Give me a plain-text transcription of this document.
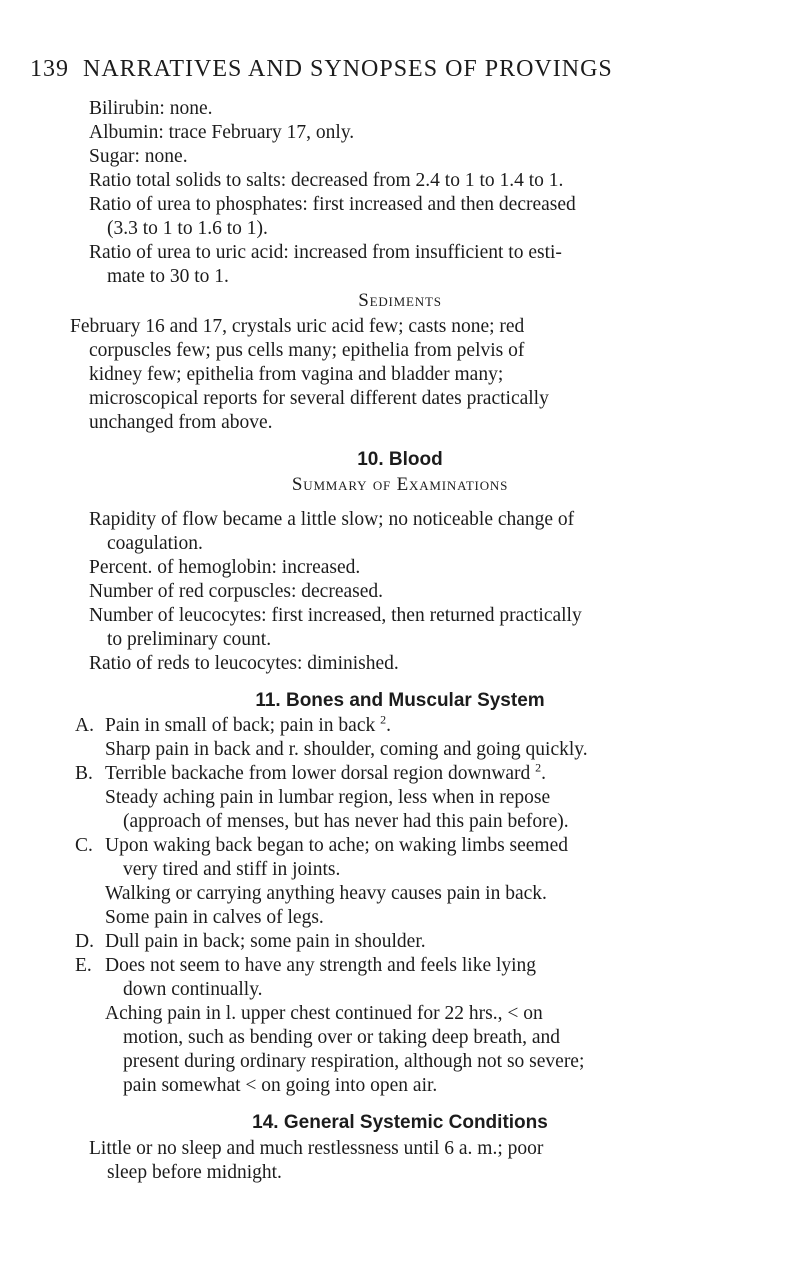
139 NARRATIVES AND SYNOPSES OF PROVINGS
Bilirubin: none.
Albumin: trace February 17, only.
Sugar: none.
Ratio total solids to salts: decreased from 2.4 to 1 to 1.4 to 1.
Ratio of urea to phosphates: first increased and then decreased
(3.3 to 1 to 1.6 to 1).
Ratio of urea to uric acid: increased from insufficient to esti-
mate to 30 to 1.
Sediments
February 16 and 17, crystals uric acid few; casts none; red
corpuscles few; pus cells many; epithelia from pelvis of
kidney few; epithelia from vagina and bladder many;
microscopical reports for several different dates practically
unchanged from above.
10. Blood
Summary of Examinations
Rapidity of flow became a little slow; no noticeable change of
coagulation.
Percent. of hemoglobin: increased.
Number of red corpuscles: decreased.
Number of leucocytes: first increased, then returned practically
to preliminary count.
Ratio of reds to leucocytes: diminished.
11. Bones and Muscular System
A. Pain in small of back; pain in back $^2$.
Sharp pain in back and r. shoulder, coming and going quickly.
B. Terrible backache from lower dorsal region downward $^2$.
Steady aching pain in lumbar region, less when in repose
(approach of menses, but has never had this pain before).
C. Upon waking back began to ache; on waking limbs seemed
very tired and stiff in joints.
Walking or carrying anything heavy causes pain in back.
Some pain in calves of legs.
D. Dull pain in back; some pain in shoulder.
E. Does not seem to have any strength and feels like lying
down continually.
Aching pain in l. upper chest continued for 22 hrs., < on
motion, such as bending over or taking deep breath, and
present during ordinary respiration, although not so severe;
pain somewhat < on going into open air.
14. General Systemic Conditions
Little or no sleep and much restlessness until 6 a. m.; poor
sleep before midnight.
